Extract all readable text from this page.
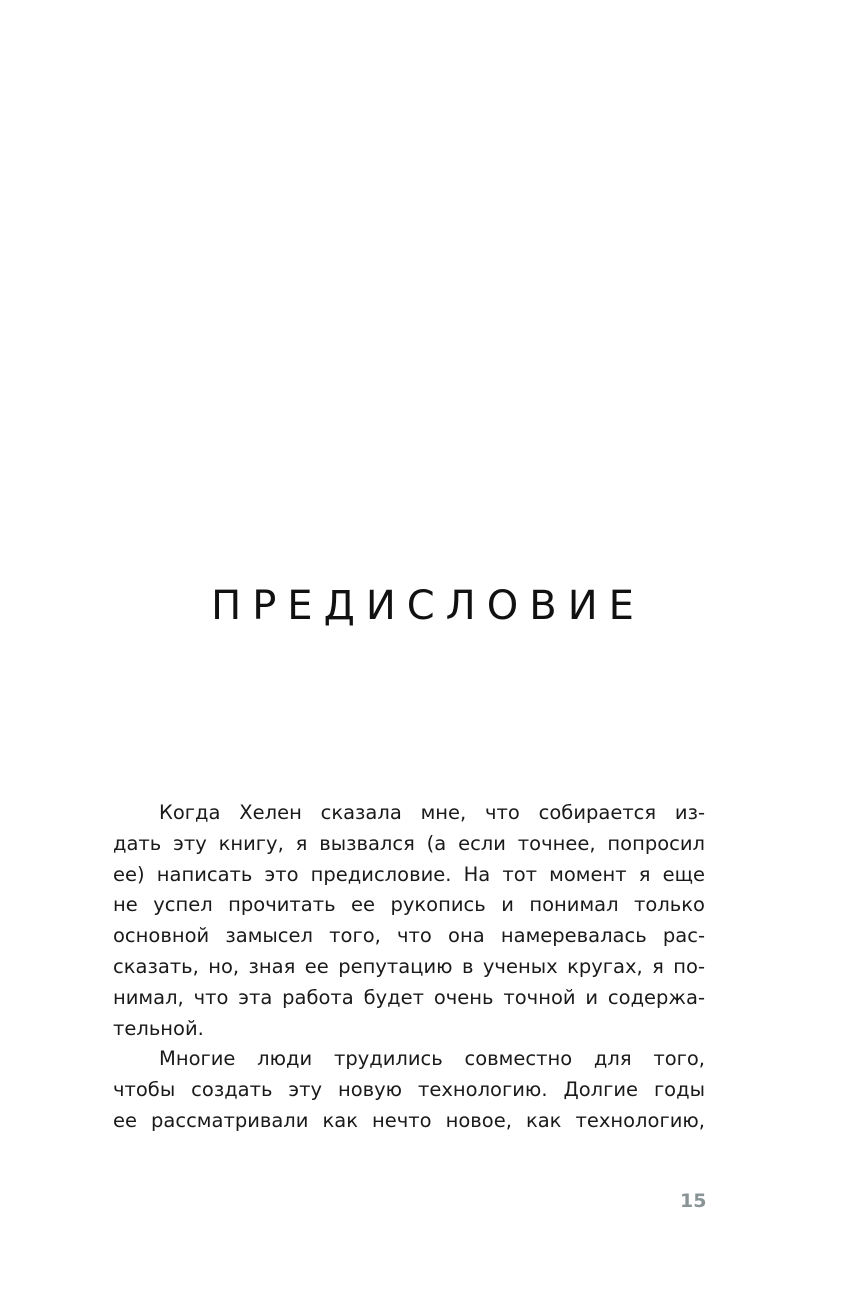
ПРЕДИСЛОВИЕ
Когда Хелен сказала мне, что собирается из-
дать эту книгу, я вызвался (а если точнее, попросил
ее) написать это предисловие. На тот момент я еще
не успел прочитать ее рукопись и понимал только
основной замысел того, что она намеревалась рас-
сказать, но, зная ее репутацию в ученых кругах, я по-
нимал, что эта работа будет очень точной и содержа-
тельной.
Многие люди трудились совместно для того,
чтобы создать эту новую технологию. Долгие годы
ее рассматривали как нечто новое, как технологию,
15
